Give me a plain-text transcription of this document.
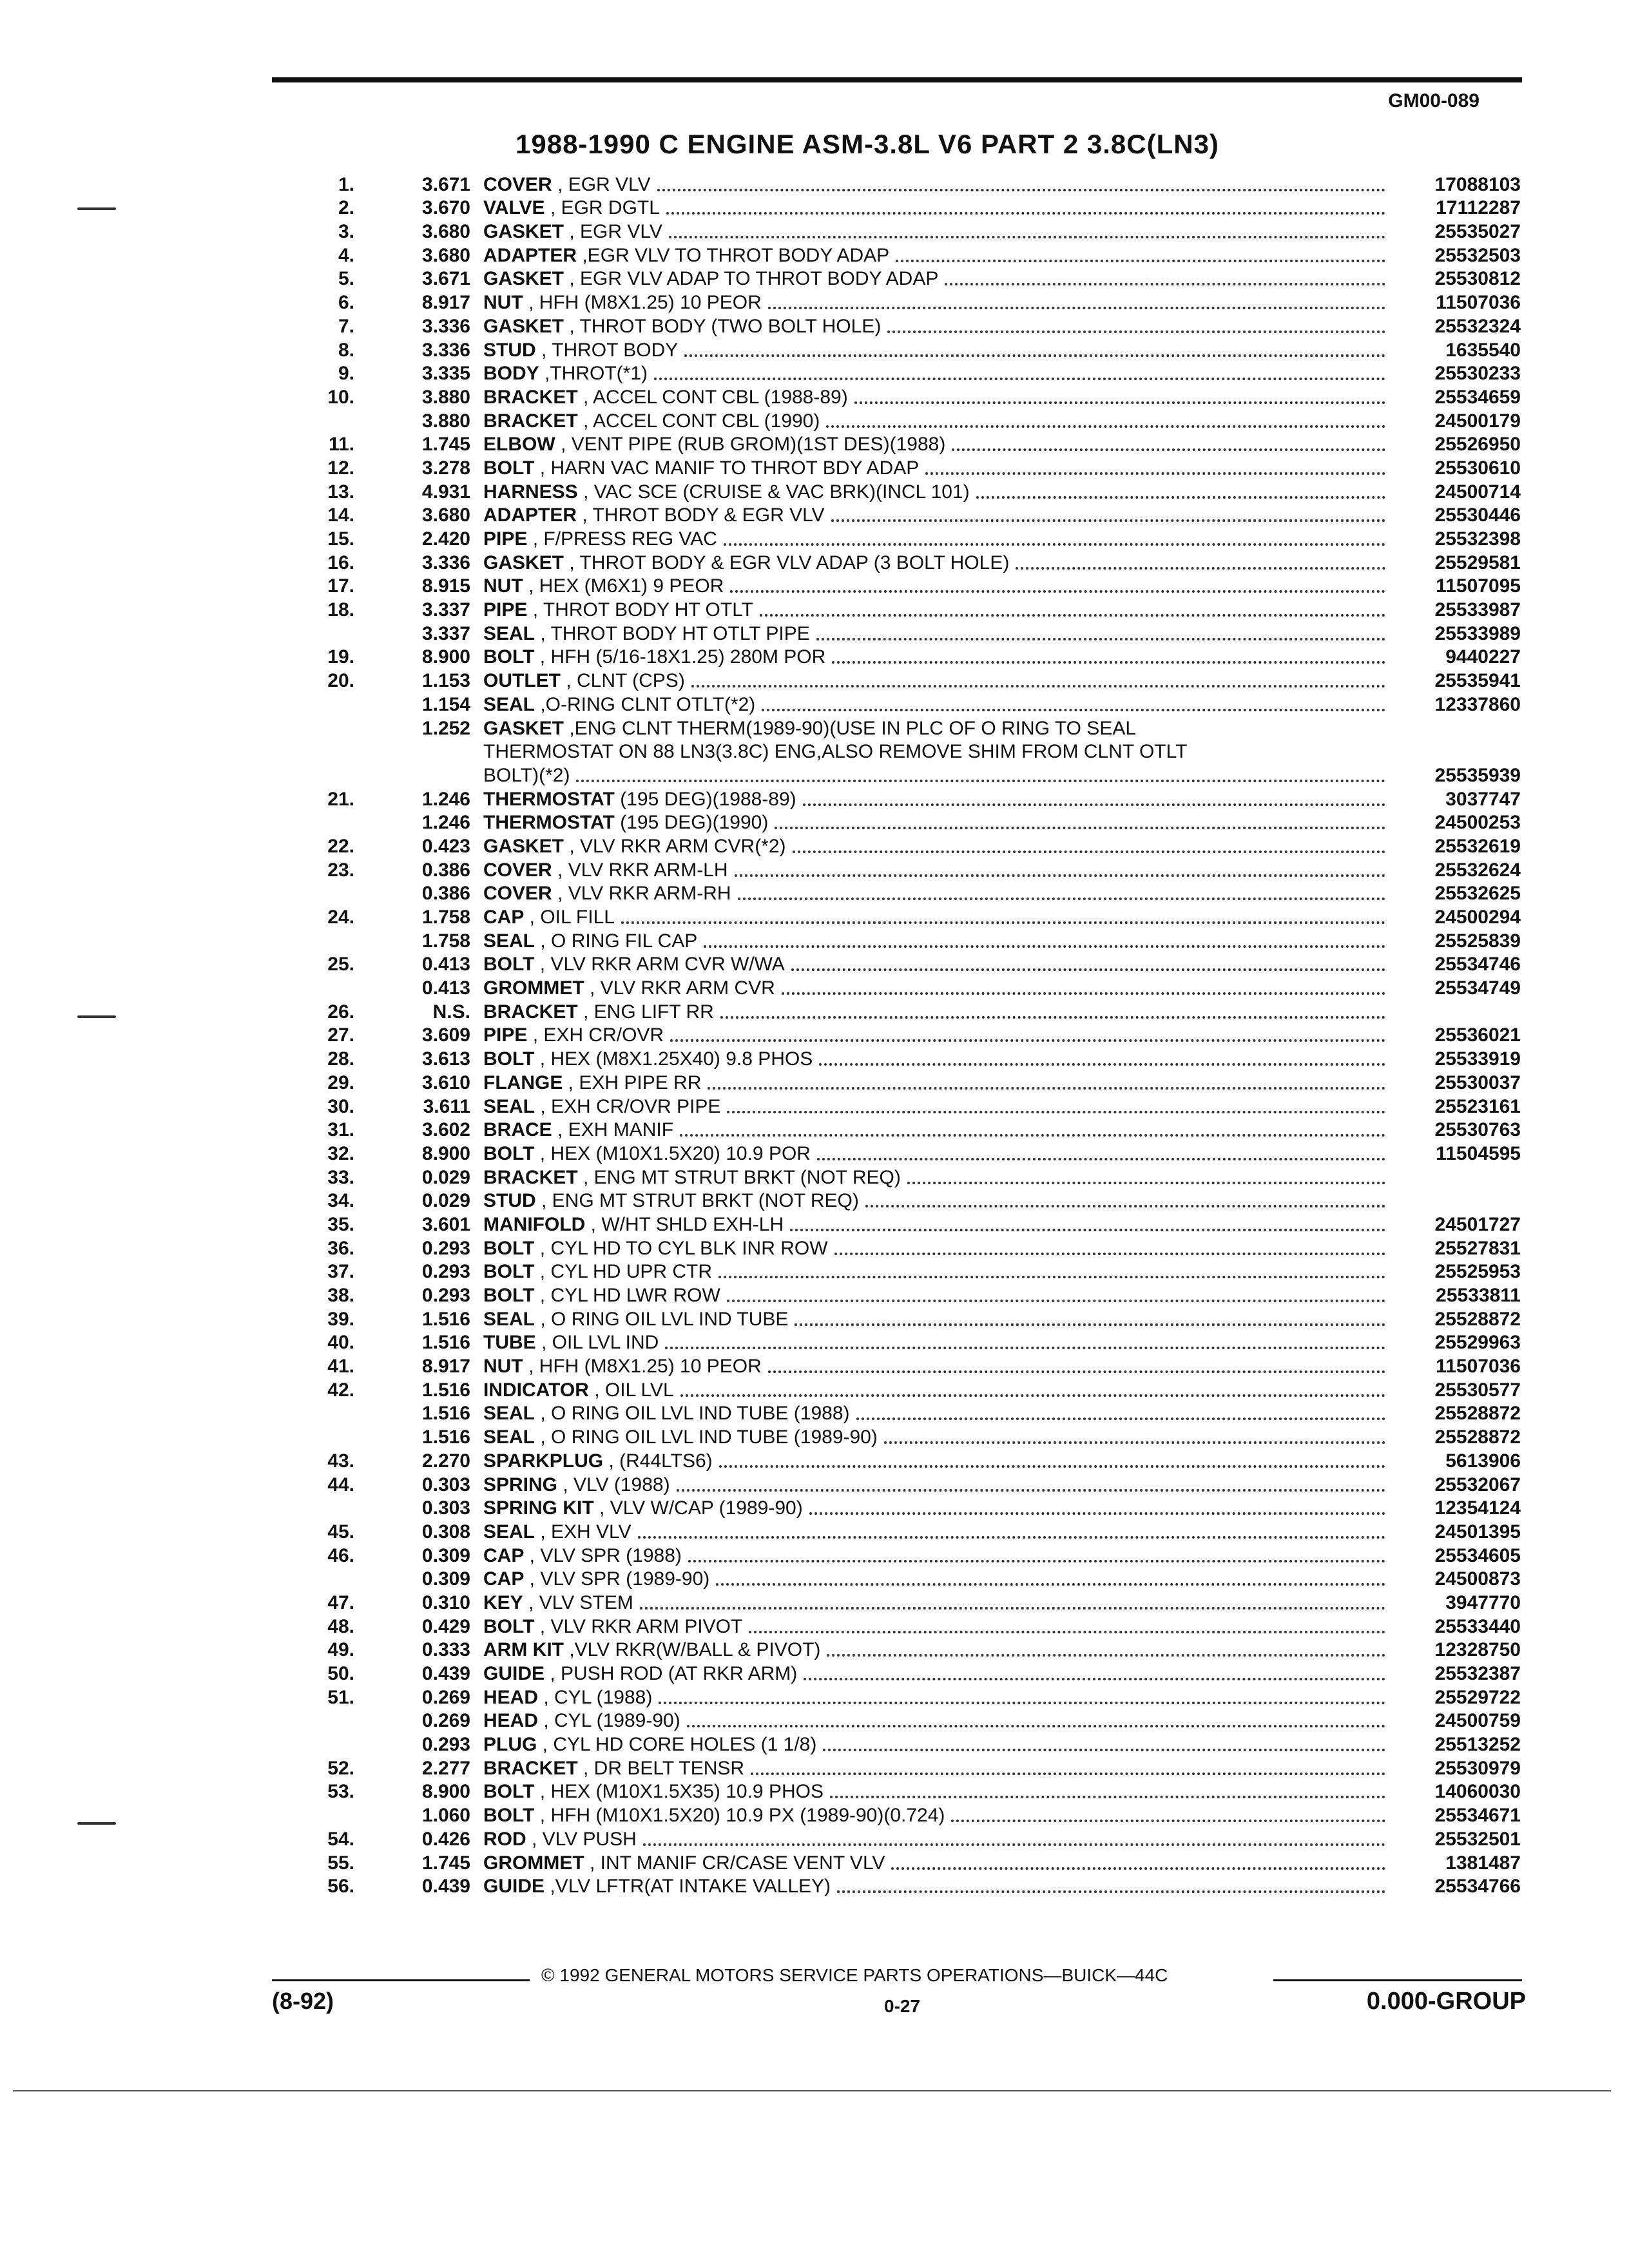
GM00-089
1988-1990 C ENGINE ASM-3.8L V6 PART 2 3.8C(LN3)
1.	3.671 COVER , EGR VLV	17088103
2.	3.670 VALVE , EGR DGTL	17112287
3.	3.680 GASKET , EGR VLV	25535027
4.	3.680 ADAPTER ,EGR VLV TO THROT BODY ADAP	25532503
5.	3.671 GASKET , EGR VLV ADAP TO THROT BODY ADAP	25530812
6.	8.917 NUT , HFH (M8X1.25) 10 PEOR	11507036
7.	3.336 GASKET , THROT BODY (TWO BOLT HOLE)	25532324
8.	3.336 STUD , THROT BODY	1635540
9.	3.335 BODY ,THROT(*1)	25530233
10.	3.880 BRACKET , ACCEL CONT CBL (1988-89)	25534659
3.880 BRACKET , ACCEL CONT CBL (1990)	24500179
11.	1.745 ELBOW , VENT PIPE (RUB GROM)(1ST DES)(1988)	25526950
12.	3.278 BOLT , HARN VAC MANIF TO THROT BDY ADAP	25530610
13.	4.931 HARNESS , VAC SCE (CRUISE & VAC BRK)(INCL 101)	24500714
14.	3.680 ADAPTER , THROT BODY & EGR VLV	25530446
15.	2.420 PIPE , F/PRESS REG VAC	25532398
16.	3.336 GASKET , THROT BODY & EGR VLV ADAP (3 BOLT HOLE)	25529581
17.	8.915 NUT , HEX (M6X1) 9 PEOR	11507095
18.	3.337 PIPE , THROT BODY HT OTLT	25533987
3.337 SEAL , THROT BODY HT OTLT PIPE	25533989
19.	8.900 BOLT , HFH (5/16-18X1.25) 280M POR	9440227
20.	1.153 OUTLET , CLNT (CPS)	25535941
1.154 SEAL ,O-RING CLNT OTLT(*2)	12337860
1.252 GASKET ,ENG CLNT THERM(1989-90)(USE IN PLC OF O RING TO SEAL
THERMOSTAT ON 88 LN3(3.8C) ENG,ALSO REMOVE SHIM FROM CLNT OTLT
BOLT)(*2)	25535939
21.	1.246 THERMOSTAT (195 DEG)(1988-89)	3037747
1.246 THERMOSTAT (195 DEG)(1990)	24500253
22.	0.423 GASKET , VLV RKR ARM CVR(*2)	25532619
23.	0.386 COVER , VLV RKR ARM-LH	25532624
0.386 COVER , VLV RKR ARM-RH	25532625
24.	1.758 CAP , OIL FILL	24500294
1.758 SEAL , O RING FIL CAP	25525839
25.	0.413 BOLT , VLV RKR ARM CVR W/WA	25534746
0.413 GROMMET , VLV RKR ARM CVR	25534749
26.	N.S. BRACKET , ENG LIFT RR
27.	3.609 PIPE , EXH CR/OVR	25536021
28.	3.613 BOLT , HEX (M8X1.25X40) 9.8 PHOS	25533919
29.	3.610 FLANGE , EXH PIPE RR	25530037
30.	3.611 SEAL , EXH CR/OVR PIPE	25523161
31.	3.602 BRACE , EXH MANIF	25530763
32.	8.900 BOLT , HEX (M10X1.5X20) 10.9 POR	11504595
33.	0.029 BRACKET , ENG MT STRUT BRKT (NOT REQ)
34.	0.029 STUD , ENG MT STRUT BRKT (NOT REQ)
35.	3.601 MANIFOLD , W/HT SHLD EXH-LH	24501727
36.	0.293 BOLT , CYL HD TO CYL BLK INR ROW	25527831
37.	0.293 BOLT , CYL HD UPR CTR	25525953
38.	0.293 BOLT , CYL HD LWR ROW	25533811
39.	1.516 SEAL , O RING OIL LVL IND TUBE	25528872
40.	1.516 TUBE , OIL LVL IND	25529963
41.	8.917 NUT , HFH (M8X1.25) 10 PEOR	11507036
42.	1.516 INDICATOR , OIL LVL	25530577
1.516 SEAL , O RING OIL LVL IND TUBE (1988)	25528872
1.516 SEAL , O RING OIL LVL IND TUBE (1989-90)	25528872
43.	2.270 SPARKPLUG , (R44LTS6)	5613906
44.	0.303 SPRING , VLV (1988)	25532067
0.303 SPRING KIT , VLV W/CAP (1989-90)	12354124
45.	0.308 SEAL , EXH VLV	24501395
46.	0.309 CAP , VLV SPR (1988)	25534605
0.309 CAP , VLV SPR (1989-90)	24500873
47.	0.310 KEY , VLV STEM	3947770
48.	0.429 BOLT , VLV RKR ARM PIVOT	25533440
49.	0.333 ARM KIT ,VLV RKR(W/BALL & PIVOT)	12328750
50.	0.439 GUIDE , PUSH ROD (AT RKR ARM)	25532387
51.	0.269 HEAD , CYL (1988)	25529722
0.269 HEAD , CYL (1989-90)	24500759
0.293 PLUG , CYL HD CORE HOLES (1 1/8)	25513252
52.	2.277 BRACKET , DR BELT TENSR	25530979
53.	8.900 BOLT , HEX (M10X1.5X35) 10.9 PHOS	14060030
1.060 BOLT , HFH (M10X1.5X20) 10.9 PX (1989-90)(0.724)	25534671
54.	0.426 ROD , VLV PUSH	25532501
55.	1.745 GROMMET , INT MANIF CR/CASE VENT VLV	1381487
56.	0.439 GUIDE ,VLV LFTR(AT INTAKE VALLEY)	25534766
© 1992 GENERAL MOTORS SERVICE PARTS OPERATIONS—BUICK—44C
(8-92)	0-27	0.000-GROUP
